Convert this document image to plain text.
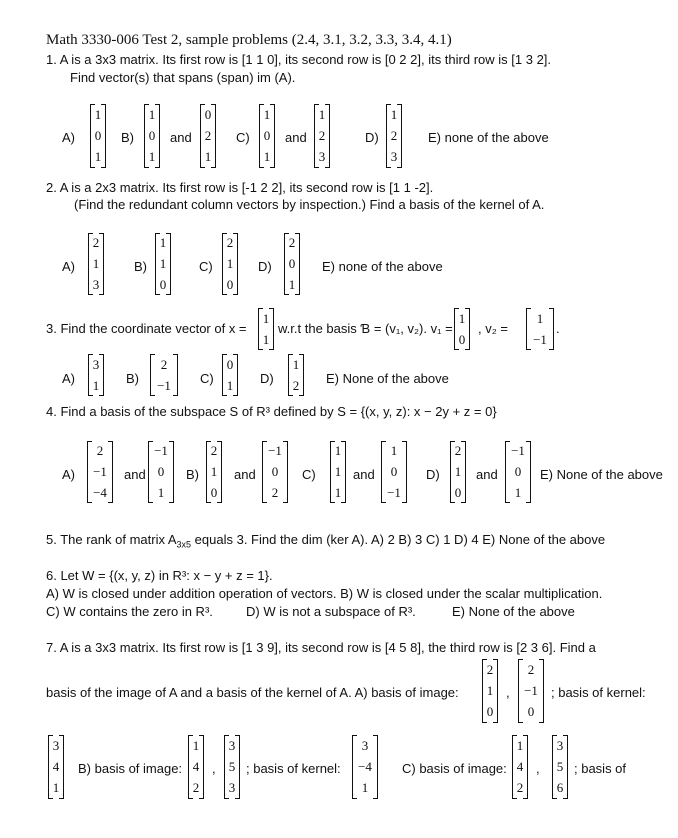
Math 3330-006 Test 2, sample problems (2.4, 3.1, 3.2, 3.3, 3.4, 4.1)
1. A is a 3x3 matrix. Its first row is [1 1 0], its second row is [0 2 2], its third row is [1 3 2].
Find vector(s) that spans (span) im (A).
A)
1
0
1
B)
1
0
1
and
0
2
1
C)
1
0
1
and
1
2
3
D)
1
2
3
E) none of the above
2. A is a 2x3 matrix. Its first row is [-1 2 2], its second row is [1 1 -2].
(Find the redundant column vectors by inspection.) Find a basis of the kernel of A.
A)
2
1
3
B)
1
1
0
C)
2
1
0
D)
2
0
1
E) none of the above
3. Find the coordinate vector of x =
1
1
w.r.t the basis Ɓ = (v₁, v₂). v₁ =
1
0
, v₂ =
1
−1
.
A)
3
1 B)
2
−1 C)
0
1 D)
1
2 E) None of the above
4. Find a basis of the subspace S of R³ defined by S = {(x, y, z): x − 2y + z = 0}
A)
2
−1
−4
and
−1
0
1
B)
2
1
0
and
−1
0
2
C)
1
1
1
and
1
0
−1
D)
2
1
0
and
−1
0
1
E) None of the above
5. The rank of matrix $A_{3x5}$ equals 3. Find the dim (ker A). A) 2 B) 3 C) 1 D) 4 E) None of the above
6. Let W = {(x, y, z) in R³: x − y + z = 1}.
A) W is closed under addition operation of vectors. B) W is closed under the scalar multiplication.
C) W contains the zero in R³.	D) W is not a subspace of R³.	E) None of the above
7. A is a 3x3 matrix. Its first row is [1 3 9], its second row is [4 5 8], the third row is [2 3 6]. Find a
basis of the image of A and a basis of the kernel of A. A) basis of image:
2
1
0
,
2
−1
0
; basis of kernel:
3
4
1
B) basis of image:
1
4
2
,
3
5
3
; basis of kernel:
3
−4
1
C) basis of image:
1
4
2
,
3
5
6
; basis of
